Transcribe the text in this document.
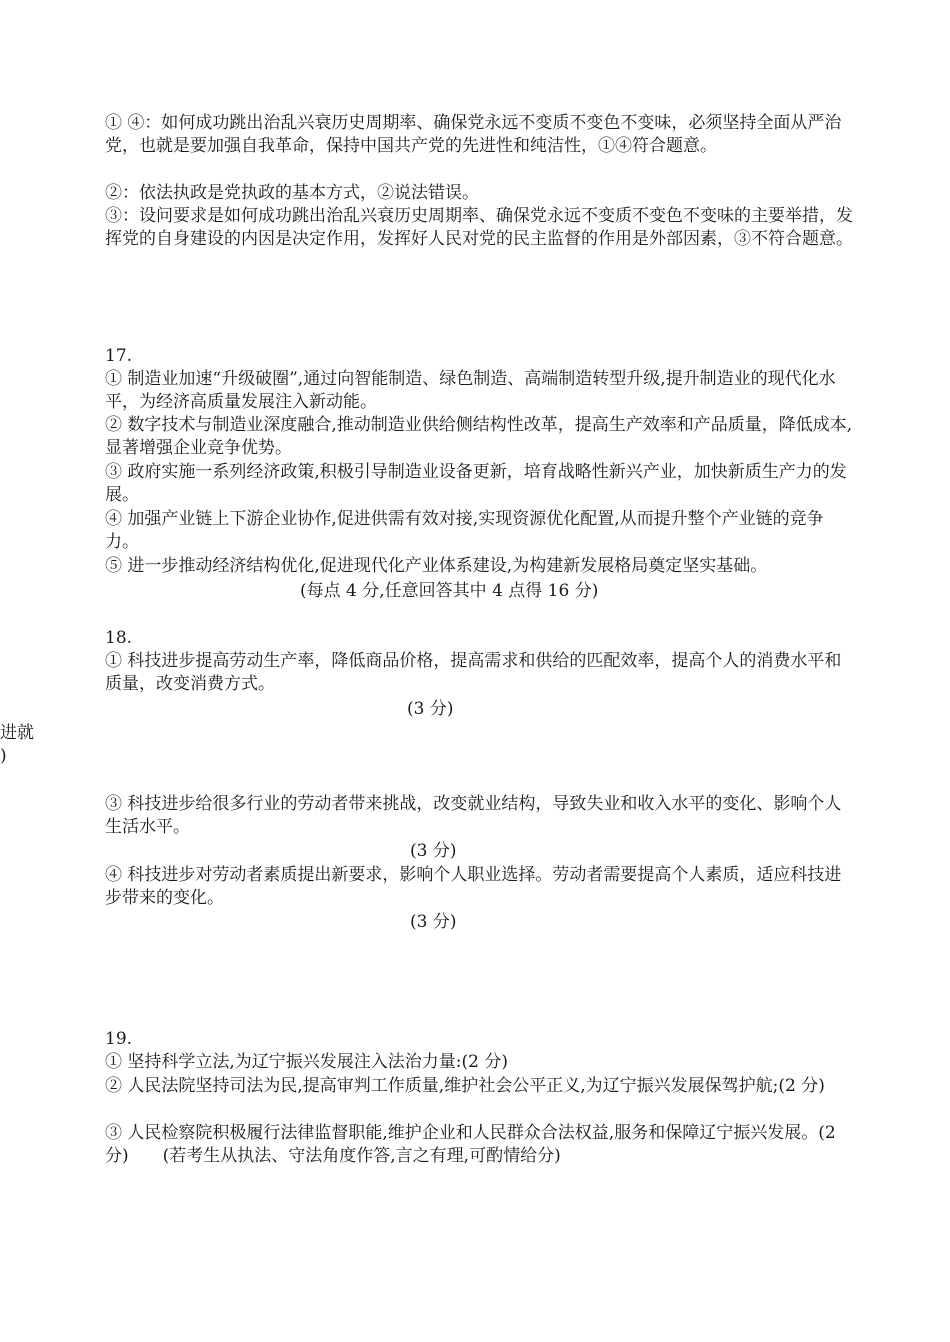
① ④：如何成功跳出治乱兴衰历史周期率、确保党永远不变质不变色不变味，必须坚持全面从严治党，也就是要加强自我革命，保持中国共产党的先进性和纯洁性，①④符合题意。

②：依法执政是党执政的基本方式，②说法错误。

③：设问要求是如何成功跳出治乱兴衰历史周期率、确保党永远不变质不变色不变味的主要举措，发挥党的自身建设的内因是决定作用，发挥好人民对党的民主监督的作用是外部因素，③不符合题意。

17.

① 制造业加速“升级破圈”,通过向智能制造、绿色制造、高端制造转型升级,提升制造业的现代化水平，为经济高质量发展注入新动能。

② 数字技术与制造业深度融合,推动制造业供给侧结构性改革，提高生产效率和产品质量，降低成本,显著增强企业竞争优势。

③ 政府实施一系列经济政策,积极引导制造业设备更新，培育战略性新兴产业，加快新质生产力的发展。

④ 加强产业链上下游企业协作,促进供需有效对接,实现资源优化配置,从而提升整个产业链的竞争力。

⑤ 进一步推动经济结构优化,促进现代化产业体系建设,为构建新发展格局奠定坚实基础。

(每点 4 分,任意回答其中 4 点得 16 分)

18.

① 科技进步提高劳动生产率，降低商品价格，提高需求和供给的匹配效率，提高个人的消费水平和质量，改变消费方式。

(3 分)

进就

)

③ 科技进步给很多行业的劳动者带来挑战，改变就业结构，导致失业和收入水平的变化、影响个人生活水平。

(3 分)

④ 科技进步对劳动者素质提出新要求，影响个人职业选择。劳动者需要提高个人素质，适应科技进步带来的变化。

(3 分)

19.

① 坚持科学立法,为辽宁振兴发展注入法治力量:(2 分)

② 人民法院坚持司法为民,提高审判工作质量,维护社会公平正义,为辽宁振兴发展保驾护航;(2 分)

③ 人民检察院积极履行法律监督职能,维护企业和人民群众合法权益,服务和保障辽宁振兴发展。(2 分)　　(若考生从执法、守法角度作答,言之有理,可酌情给分)
